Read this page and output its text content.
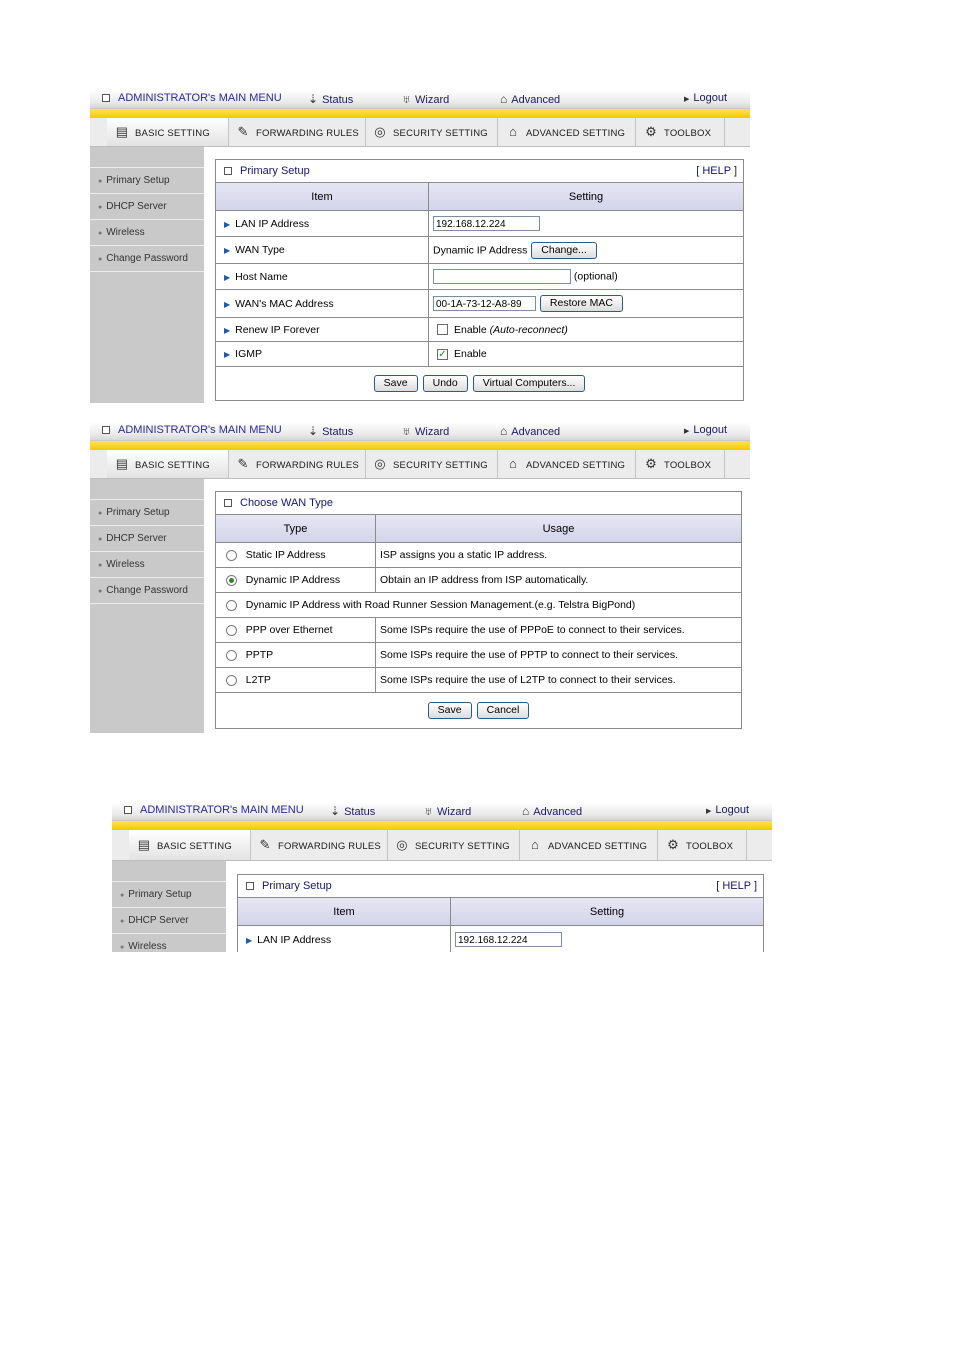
ADMINISTRATOR's MAIN MENU ⇣ Status	♅ Wizard	⌂ Advanced	▶ Logout
▤ BASIC SETTING	✎ FORWARDING RULES	◎ SECURITY SETTING	⌂ ADVANCED SETTING	⚙ TOOLBOX
● Primary Setup
● DHCP Server
● Wireless
● Change Password
Primary Setup	[ HELP ]
Item	Setting
▶ LAN IP Address	192.168.12.224
▶ WAN Type	Dynamic IP Address Change...
▶ Host Name	(optional)
▶ WAN's MAC Address	00-1A-73-12-A8-89 Restore MAC
▶ Renew IP Forever	Enable (Auto-reconnect)
▶ IGMP	✓ Enable
Save Undo Virtual Computers...
ADMINISTRATOR's MAIN MENU ⇣ Status	♅ Wizard	⌂ Advanced	▶ Logout
▤ BASIC SETTING	✎ FORWARDING RULES	◎ SECURITY SETTING	⌂ ADVANCED SETTING	⚙ TOOLBOX
● Primary Setup
● DHCP Server
● Wireless
● Change Password
Choose WAN Type
Type	Usage
Static IP Address	ISP assigns you a static IP address.
Dynamic IP Address	Obtain an IP address from ISP automatically.
Dynamic IP Address with Road Runner Session Management.(e.g. Telstra BigPond)	
PPP over Ethernet	Some ISPs require the use of PPPoE to connect to their services.
PPTP	Some ISPs require the use of PPTP to connect to their services.
L2TP	Some ISPs require the use of L2TP to connect to their services.
Save Cancel
ADMINISTRATOR's MAIN MENU ⇣ Status	♅ Wizard	⌂ Advanced	▶ Logout
▤ BASIC SETTING	✎ FORWARDING RULES	◎ SECURITY SETTING	⌂ ADVANCED SETTING	⚙ TOOLBOX
● Primary Setup
● DHCP Server
● Wireless
Primary Setup	[ HELP ]
Item	Setting
▶ LAN IP Address	192.168.12.224
